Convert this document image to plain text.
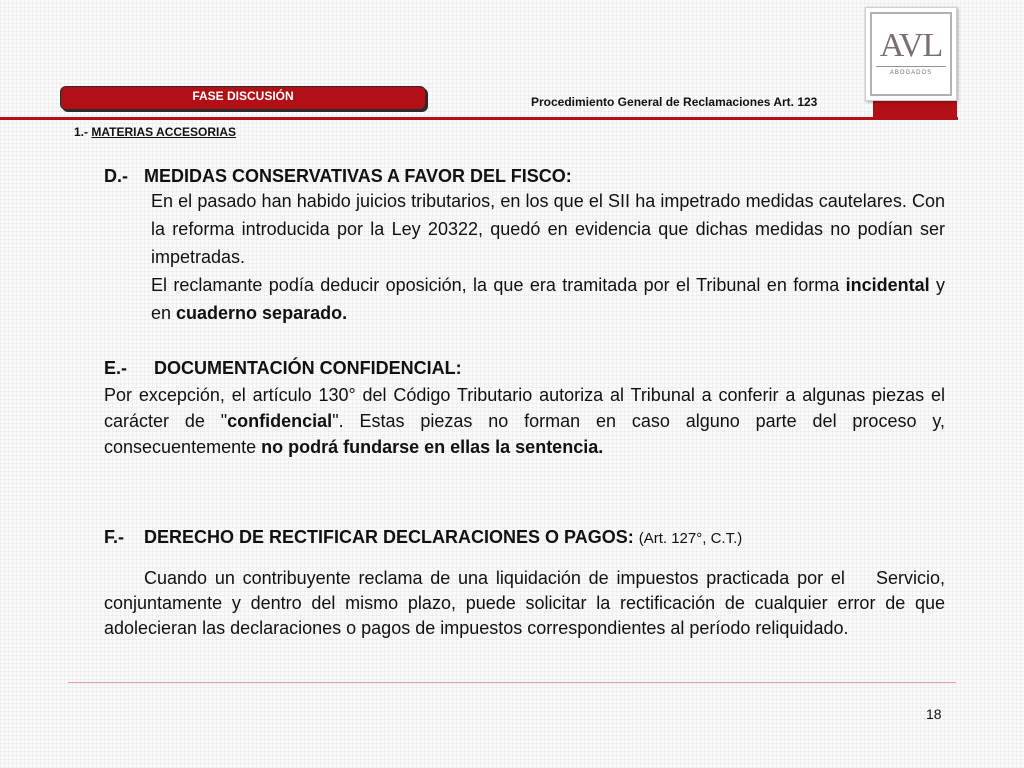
AVL
ABOGADOS
FASE DISCUSIÓN	Procedimiento General de Reclamaciones Art. 123
1.- MATERIAS ACCESORIAS
D.- MEDIDAS CONSERVATIVAS A FAVOR DEL FISCO:
En el pasado han habido juicios tributarios, en los que el SII ha impetrado medidas cautelares. Con la reforma introducida por la Ley 20322, quedó en evidencia que dichas medidas no podían ser impetradas.
El reclamante podía deducir oposición, la que era tramitada por el Tribunal en forma incidental y en cuaderno separado.
E.- DOCUMENTACIÓN CONFIDENCIAL:
Por excepción, el artículo 130° del Código Tributario autoriza al Tribunal a conferir a algunas piezas el carácter de "confidencial". Estas piezas no forman en caso alguno parte del proceso y, consecuentemente no podrá fundarse en ellas la sentencia.
F.- DERECHO DE RECTIFICAR DECLARACIONES O PAGOS: (Art. 127°, C.T.)
Cuando un contribuyente reclama de una liquidación de impuestos practicada por el    Servicio, conjuntamente y dentro del mismo plazo, puede solicitar la rectificación de cualquier error de que adolecieran las declaraciones o pagos de impuestos correspondientes al período reliquidado.
18
